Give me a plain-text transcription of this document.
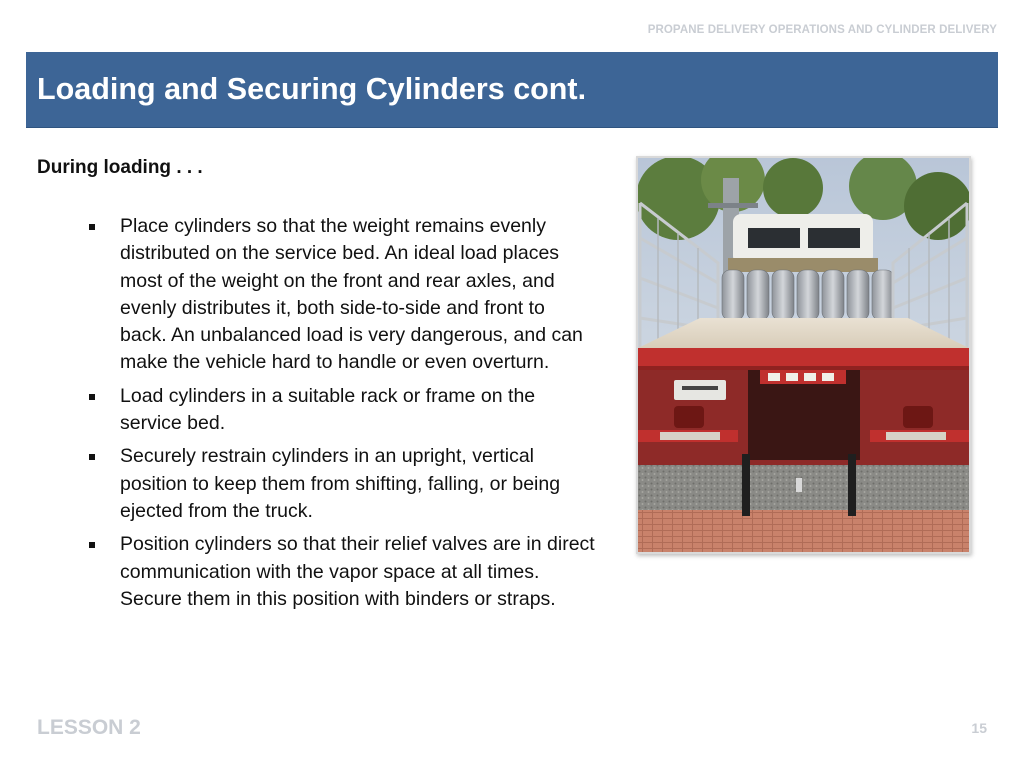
PROPANE DELIVERY OPERATIONS AND CYLINDER DELIVERY
Loading and Securing Cylinders cont.
During loading . . .
Place cylinders so that the weight remains evenly distributed on the service bed. An ideal load places most of the weight on the front and rear axles, and evenly distributes it, both side-to-side and front to back. An unbalanced load is very dangerous, and can make the vehicle hard to handle or even overturn.
Load cylinders in a suitable rack or frame on the service bed.
Securely restrain cylinders in an upright, vertical position to keep them from shifting, falling, or being ejected from the truck.
Position cylinders so that their relief valves are in direct communication with the vapor space at all times. Secure them in this position with binders or straps.
LESSON 2	15
